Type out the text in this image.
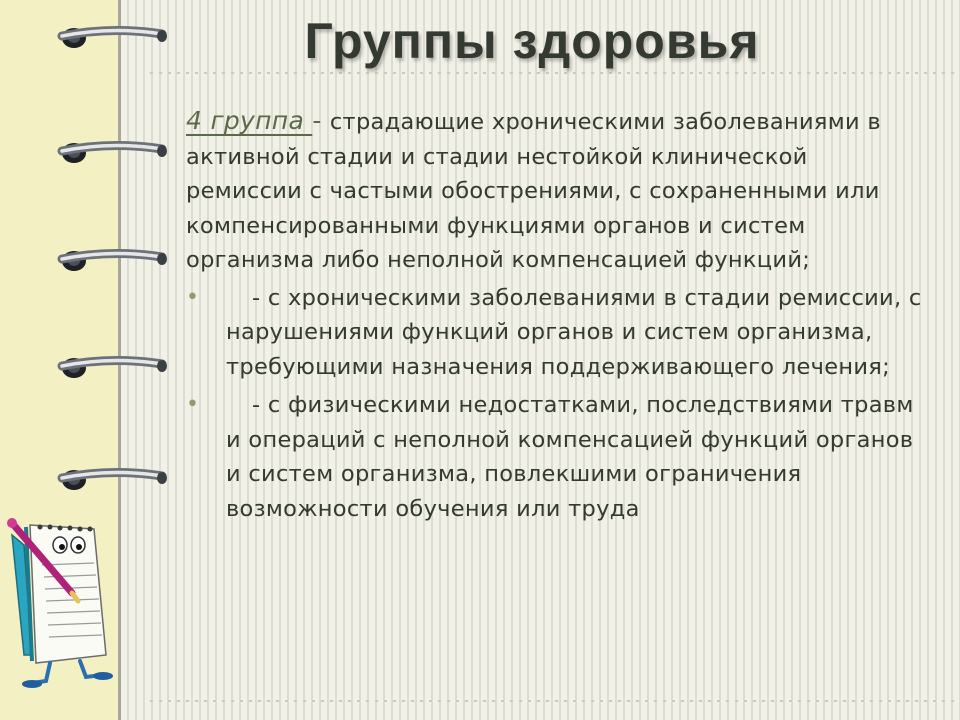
Группы здоровья

4 группа - страдающие хроническими заболеваниями в активной стадии и стадии нестойкой клинической ремиссии с частыми обострениями, с сохраненными или компенсированными функциями органов и систем организма либо неполной компенсацией функций;

•	- с хроническими заболеваниями в стадии ремиссии, с нарушениями функций органов и систем организма, требующими назначения поддерживающего лечения;
•	- с физическими недостатками, последствиями травм и операций с неполной компенсацией функций органов и систем организма, повлекшими ограничения возможности обучения или труда
